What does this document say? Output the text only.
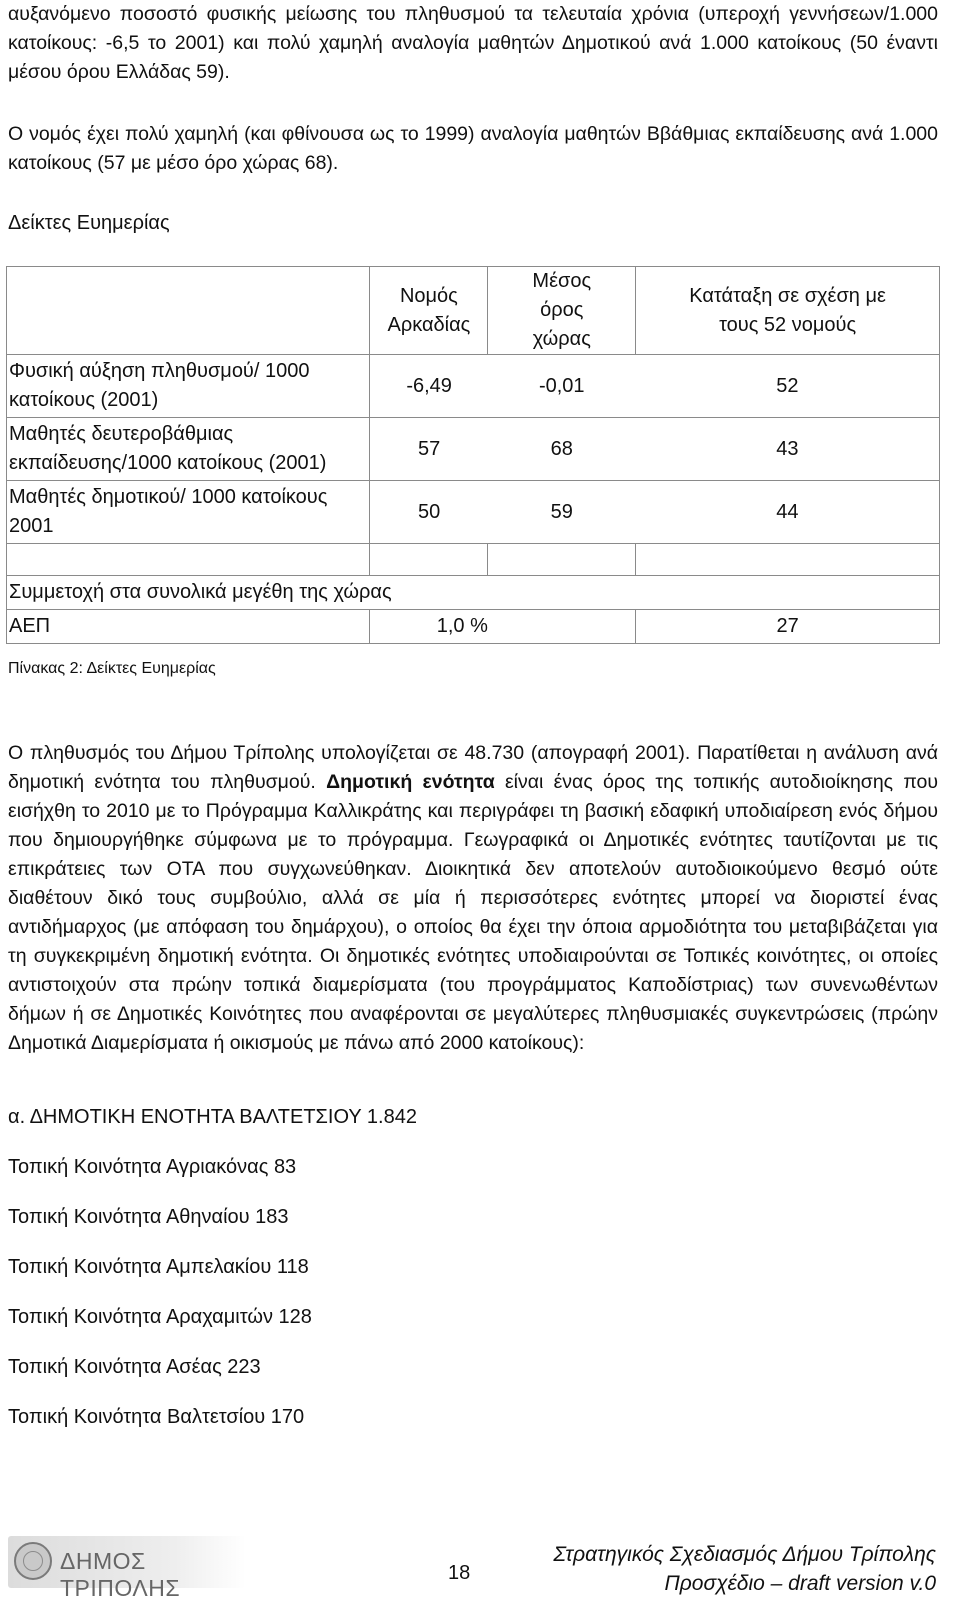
αυξανόμενο ποσοστό φυσικής μείωσης του πληθυσμού τα τελευταία χρόνια (υπεροχή γεννήσεων/1.000 κατοίκους: -6,5 το 2001) και πολύ χαμηλή αναλογία μαθητών Δημοτικού ανά 1.000 κατοίκους (50 έναντι μέσου όρου Ελλάδας 59).

Ο νομός έχει πολύ χαμηλή (και φθίνουσα ως το 1999) αναλογία μαθητών Ββάθμιας εκπαίδευσης ανά 1.000 κατοίκους (57 με μέσο όρο χώρας 68).

Δείκτες Ευημερίας

	Νομός Αρκαδίας	Μέσος όρος χώρας	Κατάταξη σε σχέση με τους 52 νομούς

Φυσική αύξηση πληθυσμού/ 1000 κατοίκους (2001)	-6,49	-0,01	52
Μαθητές δευτεροβάθμιας εκπαίδευσης/1000 κατοίκους (2001)	57	68	43
Μαθητές δημοτικού/ 1000 κατοίκους 2001	50	59	44

Συμμετοχή στα συνολικά μεγέθη της χώρας			
ΑΕΠ	1,0 %		27
Πίνακας 2: Δείκτες Ευημερίας

Ο πληθυσμός του Δήμου Τρίπολης υπολογίζεται σε 48.730 (απογραφή 2001). Παρατίθεται η ανάλυση ανά δημοτική ενότητα του πληθυσμού. Δημοτική ενότητα είναι ένας όρος της τοπικής αυτοδιοίκησης που εισήχθη το 2010 με το Πρόγραμμα Καλλικράτης και περιγράφει τη βασική εδαφική υποδιαίρεση ενός δήμου που δημιουργήθηκε σύμφωνα με το πρόγραμμα. Γεωγραφικά οι Δημοτικές ενότητες ταυτίζονται με τις επικράτειες των ΟΤΑ που συγχωνεύθηκαν. Διοικητικά δεν αποτελούν αυτοδιοικούμενο θεσμό ούτε διαθέτουν δικό τους συμβούλιο, αλλά σε μία ή περισσότερες ενότητες μπορεί να διοριστεί ένας αντιδήμαρχος (με απόφαση του δημάρχου), ο οποίος θα έχει την όποια αρμοδιότητα του μεταβιβάζεται για τη συγκεκριμένη δημοτική ενότητα. Οι δημοτικές ενότητες υποδιαιρούνται σε Τοπικές κοινότητες, οι οποίες αντιστοιχούν στα πρώην τοπικά διαμερίσματα (του προγράμματος Καποδίστριας) των συνενωθέντων δήμων ή σε Δημοτικές Κοινότητες που αναφέρονται σε μεγαλύτερες πληθυσμιακές συγκεντρώσεις (πρώην Δημοτικά Διαμερίσματα ή οικισμούς με πάνω από 2000 κατοίκους):

α. ΔΗΜΟΤΙΚΗ ΕΝΟΤΗΤΑ ΒΑΛΤΕΤΣΙΟΥ 1.842
Τοπική Κοινότητα Αγριακόνας 83
Τοπική Κοινότητα Αθηναίου 183
Τοπική Κοινότητα Αμπελακίου 118
Τοπική Κοινότητα Αραχαμιτών 128
Τοπική Κοινότητα Ασέας 223
Τοπική Κοινότητα Βαλτετσίου 170
ΔΗΜΟΣ ΤΡΙΠΟΛΗΣ
18
Στρατηγικός Σχεδιασμός Δήμου Τρίπολης
Προσχέδιο – draft version v.0
